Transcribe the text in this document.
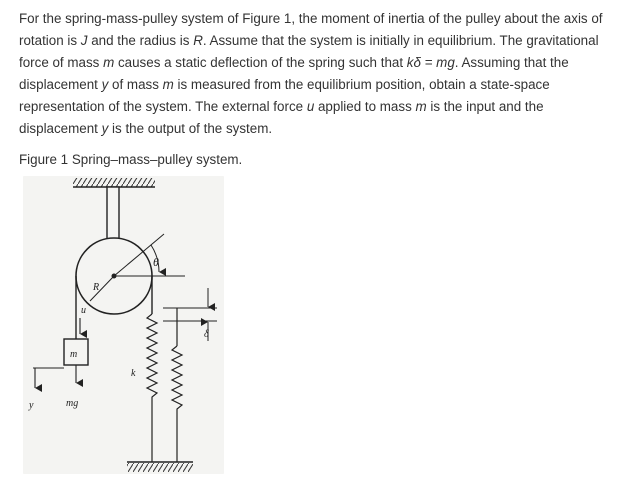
For the spring-mass-pulley system of Figure 1, the moment of inertia of the pulley about the axis of rotation is J and the radius is R. Assume that the system is initially in equilibrium. The gravitational force of mass m causes a static deflection of the spring such that kδ = mg. Assuming that the displacement y of mass m is measured from the equilibrium position, obtain a state-space representation of the system. The external force u applied to mass m is the input and the displacement y is the output of the system.

Figure 1 Spring–mass–pulley system.

θ
R
u
m
mg
y
k
δ
